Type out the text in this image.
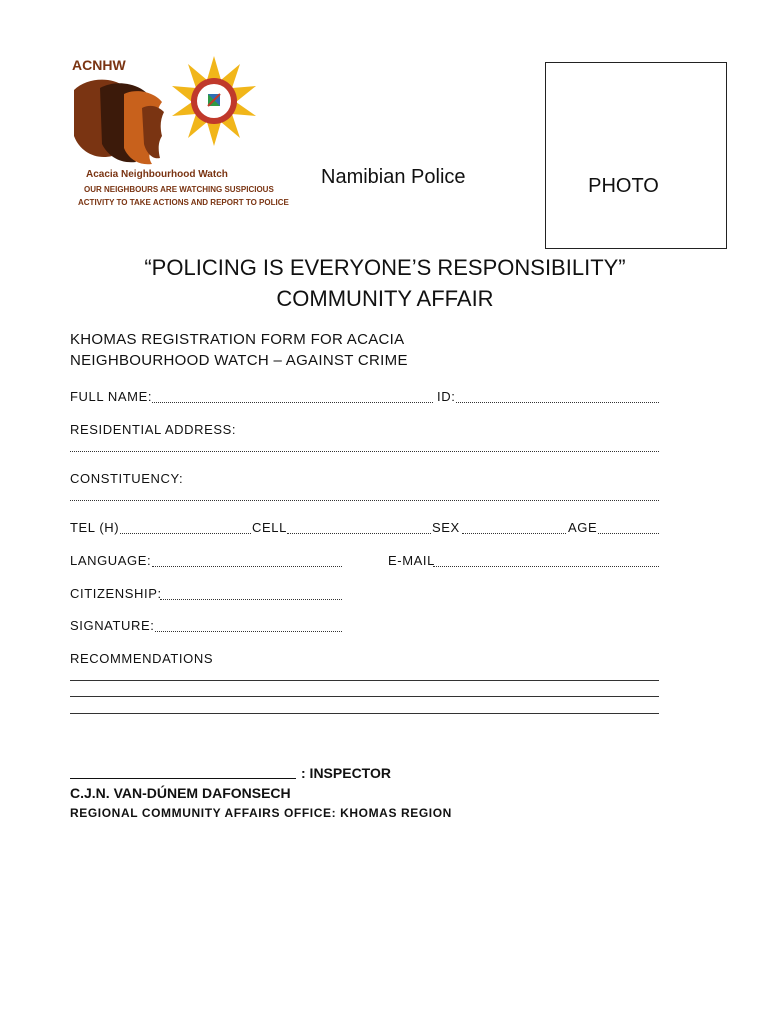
ACNHW
Acacia Neighbourhood Watch
OUR NEIGHBOURS ARE WATCHING SUSPICIOUS
ACTIVITY TO TAKE ACTIONS AND REPORT TO POLICE
Namibian Police	PHOTO
“POLICING IS EVERYONE’S RESPONSIBILITY”
COMMUNITY AFFAIR
KHOMAS REGISTRATION FORM FOR ACACIA
NEIGHBOURHOOD WATCH – AGAINST CRIME
FULL NAME:	ID:
RESIDENTIAL ADDRESS:
CONSTITUENCY:
TEL (H)	CELL	SEX	AGE
LANGUAGE:	E-MAIL
CITIZENSHIP:
SIGNATURE:
RECOMMENDATIONS
: INSPECTOR
C.J.N. VAN-DÚNEM DAFONSECH
REGIONAL COMMUNITY AFFAIRS OFFICE: KHOMAS REGION
